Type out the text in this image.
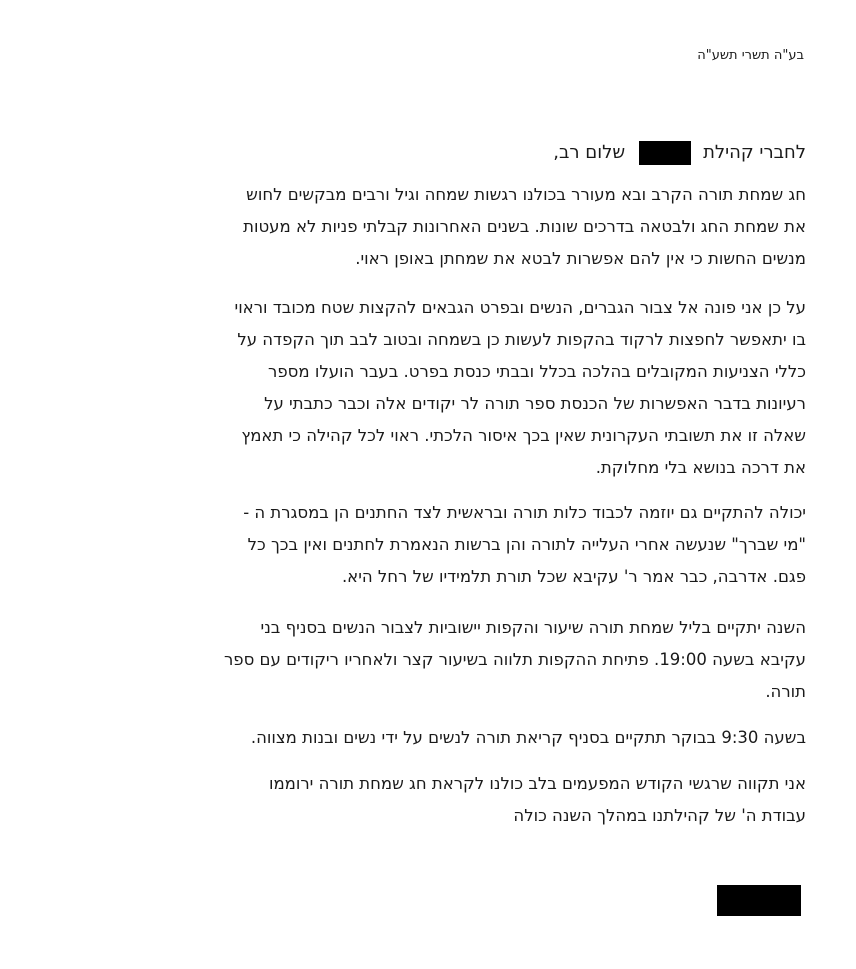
בע"ה תשרי תשע"ה
לחברי קהילת
שלום רב,
חג שמחת תורה הקרב ובא מעורר בכולנו רגשות שמחה וגיל ורבים מבקשים לחוש
את שמחת החג ולבטאה בדרכים שונות. בשנים האחרונות קבלתי פניות לא מעטות
מנשים החשות כי אין להם אפשרות לבטא את שמחתן באופן ראוי.
על כן אני פונה אל צבור הגברים, הנשים ובפרט הגבאים להקצות שטח מכובד וראוי
בו יתאפשר לחפצות לרקוד בהקפות לעשות כן בשמחה ובטוב לבב תוך הקפדה על
כללי הצניעות המקובלים בהלכה בכלל ובבתי כנסת בפרט. בעבר הועלו מספר
רעיונות בדבר האפשרות של הכנסת ספר תורה לר יקודים אלה וכבר כתבתי על
שאלה זו את תשובתי העקרונית שאין בכך איסור הלכתי. ראוי לכל קהילה כי תאמץ
את דרכה בנושא בלי מחלוקת.
יכולה להתקיים גם יוזמה לכבוד כלות תורה ובראשית לצד החתנים הן במסגרת ה -
"מי שברך" שנעשה אחרי העלייה לתורה והן ברשות הנאמרת לחתנים ואין בכך כל
פגם. אדרבה, כבר אמר ר' עקיבא שכל תורת תלמידיו של רחל היא.
השנה יתקיים בליל שמחת תורה שיעור והקפות יישוביות לצבור הנשים בסניף בני
עקיבא בשעה 19:00. פתיחת ההקפות תלווה בשיעור קצר ולאחריו ריקודים עם ספר
תורה.
בשעה 9:30 בבוקר תתקיים בסניף קריאת תורה לנשים על ידי נשים ובנות מצווה.
אני תקווה שרגשי הקודש המפעמים בלב כולנו לקראת חג שמחת תורה ירוממו
עבודת ה' של קהילתנו במהלך השנה כולה
